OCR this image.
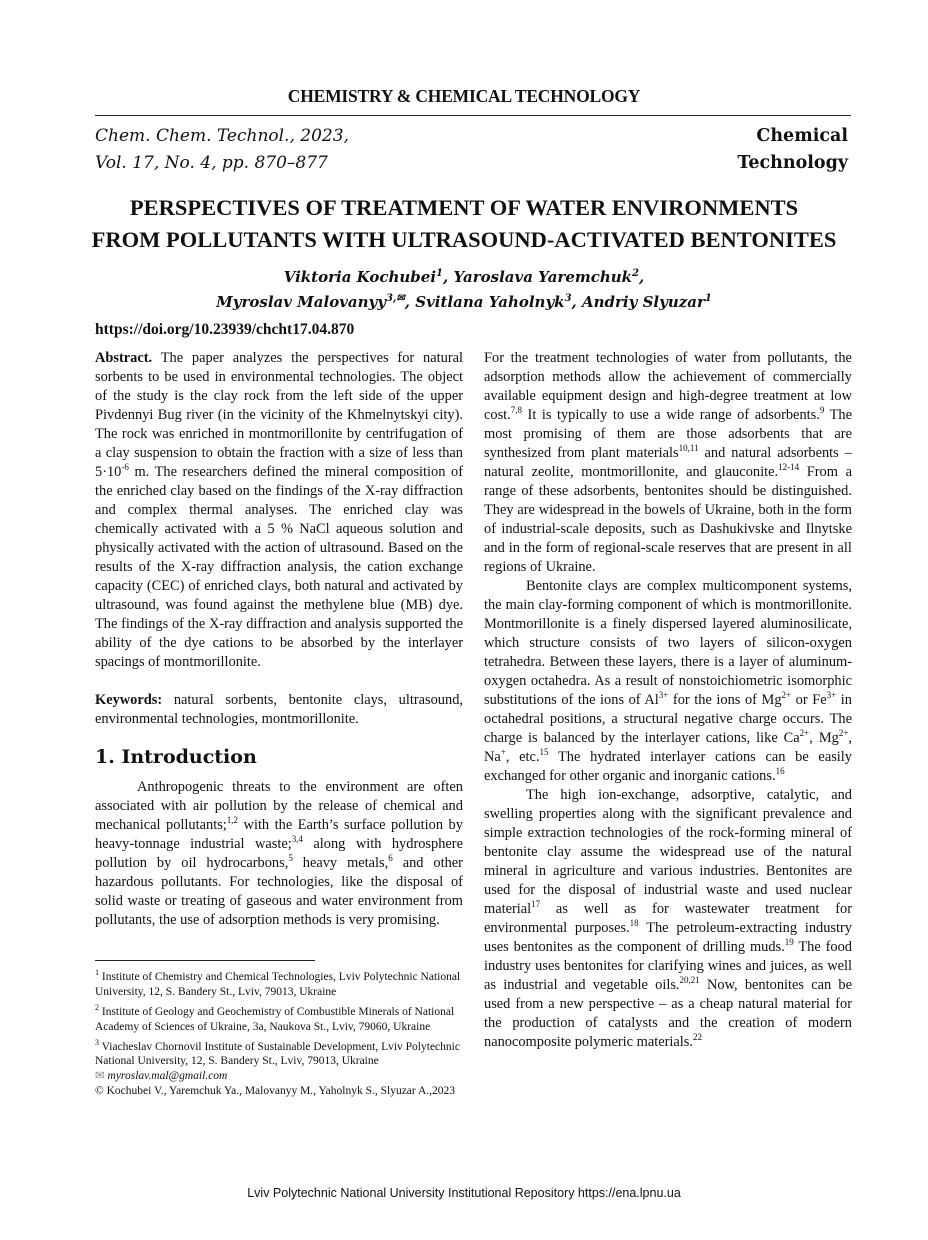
CHEMISTRY & CHEMICAL TECHNOLOGY
Chem. Chem. Technol., 2023,
Vol. 17, No. 4, pp. 870–877
Chemical
Technology
PERSPECTIVES OF TREATMENT OF WATER ENVIRONMENTS
FROM POLLUTANTS WITH ULTRASOUND-ACTIVATED BENTONITES
Viktoria Kochubei$^1$, Yaroslava Yaremchuk$^2$,
Myroslav Malovanyy$^{3,✉}$, Svitlana Yaholnyk$^3$, Andriy Slyuzar$^1$
https://doi.org/10.23939/chcht17.04.870

Abstract. The paper analyzes the perspectives for natural sorbents to be used in environmental technologies. The object of the study is the clay rock from the left side of the upper Pivdennyi Bug river (in the vicinity of the Khmelnytskyi city). The rock was enriched in montmorillonite by centrifugation of a clay suspension to obtain the fraction with a size of less than $5\cdot 10^{-6}$ m. The researchers defined the mineral composition of the enriched clay based on the findings of the X-ray diffraction and complex thermal analyses. The enriched clay was chemically activated with a 5 % NaCl aqueous solution and physically activated with the action of ultrasound. Based on the results of the X-ray diffraction analysis, the cation exchange capacity (CEC) of enriched clays, both natural and activated by ultrasound, was found against the methylene blue (MB) dye. The findings of the X-ray diffraction and analysis supported the ability of the dye cations to be absorbed by the interlayer spacings of montmorillonite.

Keywords: natural sorbents, bentonite clays, ultrasound, environmental technologies, montmorillonite.

1. Introduction

Anthropogenic threats to the environment are often associated with air pollution by the release of chemical and mechanical pollutants;$^{1,2}$ with the Earth’s surface pollution by heavy-tonnage industrial waste;$^{3,4}$ along with hydrosphere pollution by oil hydrocarbons,$^5$ heavy metals,$^6$ and other hazardous pollutants. For technologies, like the disposal of solid waste or treating of gaseous and water environment from pollutants, the use of adsorption methods is very promising.

For the treatment technologies of water from pollutants, the adsorption methods allow the achievement of commercially available equipment design and high-degree treatment at low cost.$^{7,8}$ It is typically to use a wide range of adsorbents.$^9$ The most promising of them are those adsorbents that are synthesized from plant materials$^{10,11}$ and natural adsorbents – natural zeolite, montmorillonite, and glauconite.$^{12-14}$ From a range of these adsorbents, bentonites should be distinguished. They are widespread in the bowels of Ukraine, both in the form of industrial-scale deposits, such as Dashukivske and Ilnytske and in the form of regional-scale reserves that are present in all regions of Ukraine.

Bentonite clays are complex multicomponent systems, the main clay-forming component of which is montmorillonite. Montmorillonite is a finely dispersed layered aluminosilicate, which structure consists of two layers of silicon-oxygen tetrahedra. Between these layers, there is a layer of aluminum-oxygen octahedra. As a result of nonstoichiometric isomorphic substitutions of the ions of $Al^{3+}$ for the ions of $Mg^{2+}$ or $Fe^{3+}$ in octahedral positions, a structural negative charge occurs. The charge is balanced by the interlayer cations, like $Ca^{2+}$, $Mg^{2+}$, Na+, etc.$^{15}$ The hydrated interlayer cations can be easily exchanged for other organic and inorganic cations.$^{16}$

The high ion-exchange, adsorptive, catalytic, and swelling properties along with the significant prevalence and simple extraction technologies of the rock-forming mineral of bentonite clay assume the widespread use of the natural mineral in agriculture and various industries. Bentonites are used for the disposal of industrial waste and used nuclear material$^{17}$ as well as for wastewater treatment for environmental purposes.$^{18}$ The petroleum-extracting industry uses bentonites as the component of drilling muds.$^{19}$ The food industry uses bentonites for clarifying wines and juices, as well as industrial and vegetable oils.$^{20,21}$ Now, bentonites can be used from a new perspective – as a cheap natural material for the production of catalysts and the creation of modern nanocomposite polymeric materials.$^{22}$

$^1$ Institute of Chemistry and Chemical Technologies, Lviv Polytechnic National University, 12, S. Bandery St., Lviv, 79013, Ukraine

$^2$ Institute of Geology and Geochemistry of Combustible Minerals of National Academy of Sciences of Ukraine, 3a, Naukova St., Lviv, 79060, Ukraine

$^3$ Viacheslav Chornovil Institute of Sustainable Development, Lviv Polytechnic National University, 12, S. Bandery St., Lviv, 79013, Ukraine

✉ myroslav.mal@gmail.com

© Kochubei V., Yaremchuk Ya., Malovanyy M., Yaholnyk S., Slyuzar A.,2023

Lviv Polytechnic National University Institutional Repository https://ena.lpnu.ua
